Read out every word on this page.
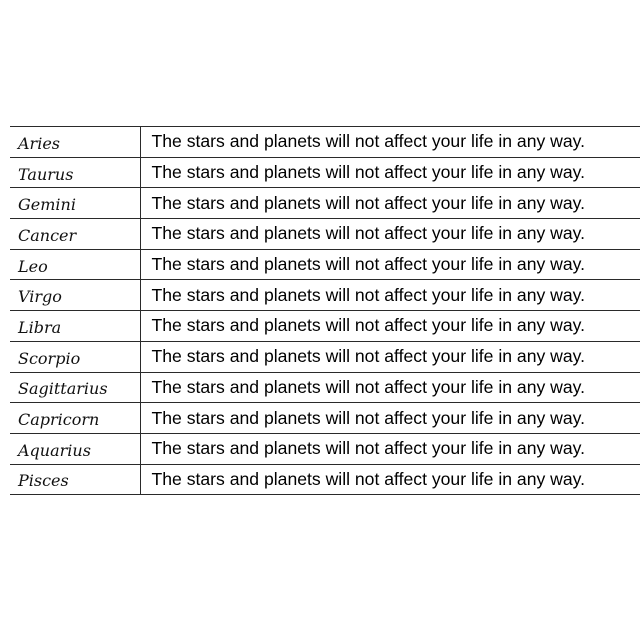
Aries	The stars and planets will not affect your life in any way.
Taurus	The stars and planets will not affect your life in any way.
Gemini	The stars and planets will not affect your life in any way.
Cancer	The stars and planets will not affect your life in any way.
Leo	The stars and planets will not affect your life in any way.
Virgo	The stars and planets will not affect your life in any way.
Libra	The stars and planets will not affect your life in any way.
Scorpio	The stars and planets will not affect your life in any way.
Sagittarius	The stars and planets will not affect your life in any way.
Capricorn	The stars and planets will not affect your life in any way.
Aquarius	The stars and planets will not affect your life in any way.
Pisces	The stars and planets will not affect your life in any way.
